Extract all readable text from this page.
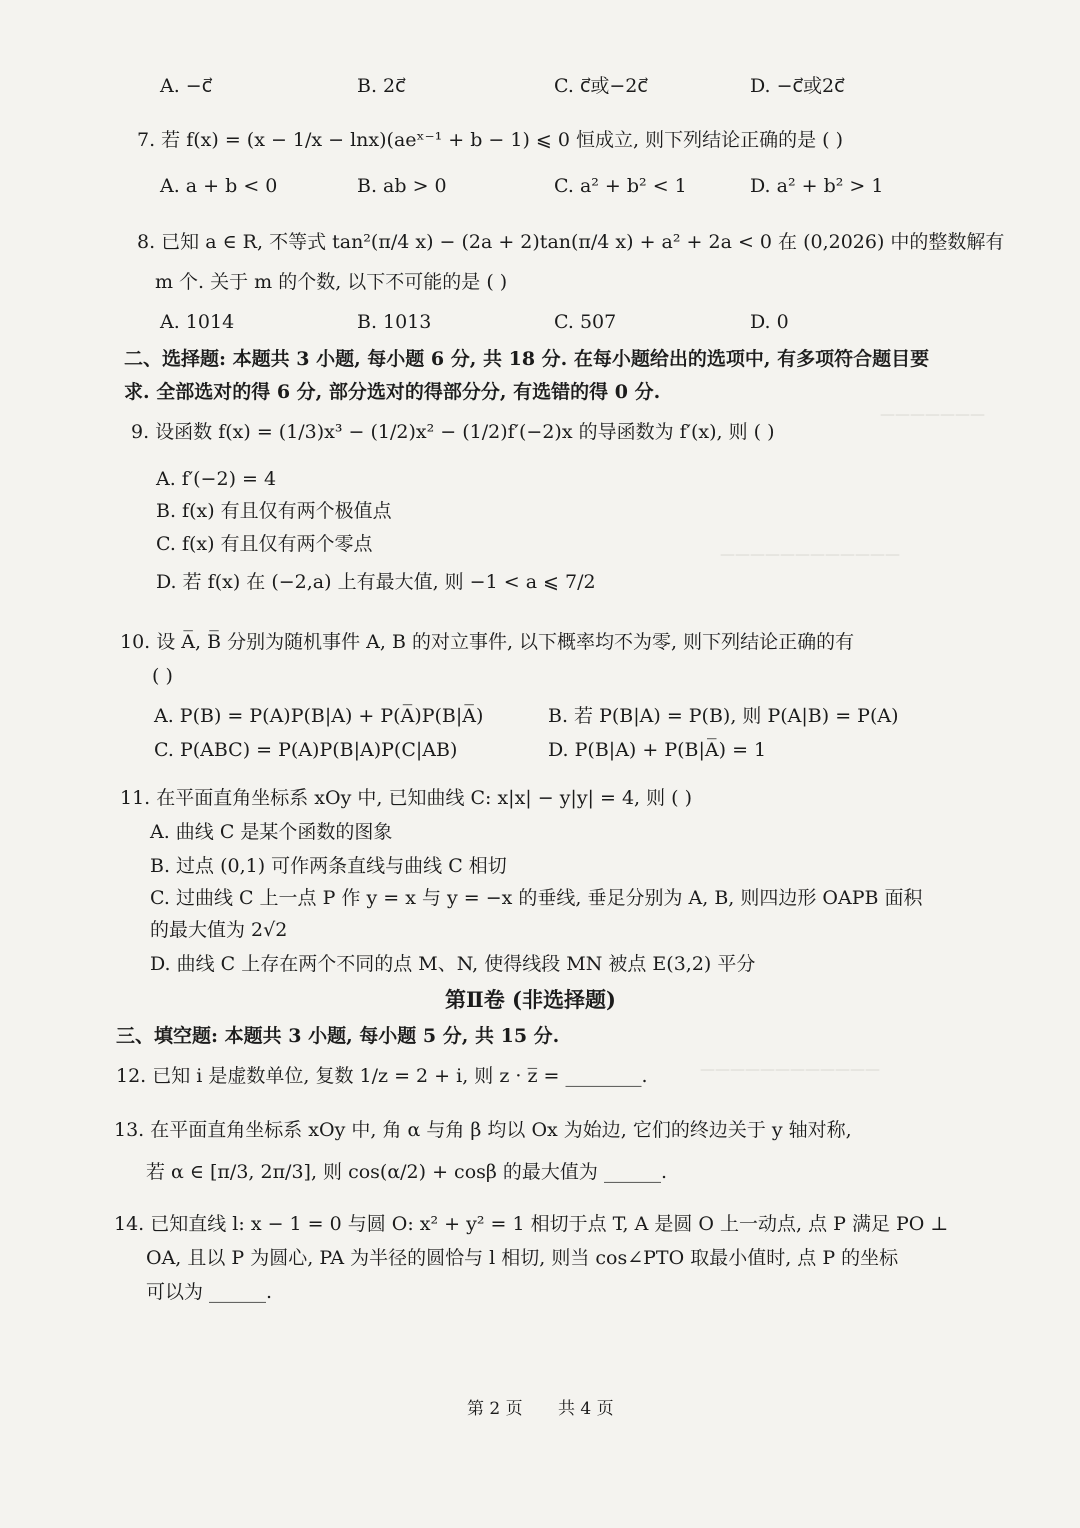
———————
————————————
————————————
A. −c⃗	B. 2c⃗	C. c⃗或−2c⃗	D. −c⃗或2c⃗
7. 若 f(x) = (x − 1/x − lnx)(aeˣ⁻¹ + b − 1) ⩽ 0 恒成立, 则下列结论正确的是 ( )
A. a + b < 0	B. ab > 0	C. a² + b² < 1	D. a² + b² > 1
8. 已知 a ∈ R, 不等式 tan²(π/4 x) − (2a + 2)tan(π/4 x) + a² + 2a < 0 在 (0,2026) 中的整数解有
m 个. 关于 m 的个数, 以下不可能的是 ( )
A. 1014	B. 1013	C. 507	D. 0
二、选择题: 本题共 3 小题, 每小题 6 分, 共 18 分. 在每小题给出的选项中, 有多项符合题目要
求. 全部选对的得 6 分, 部分选对的得部分分, 有选错的得 0 分.
9. 设函数 f(x) = (1/3)x³ − (1/2)x² − (1/2)f′(−2)x 的导函数为 f′(x), 则 ( )
A. f′(−2) = 4
B. f(x) 有且仅有两个极值点
C. f(x) 有且仅有两个零点
D. 若 f(x) 在 (−2,a) 上有最大值, 则 −1 < a ⩽ 7/2
10. 设 A̅, B̅ 分别为随机事件 A, B 的对立事件, 以下概率均不为零, 则下列结论正确的有
( )
A. P(B) = P(A)P(B|A) + P(A̅)P(B|A̅)	B. 若 P(B|A) = P(B), 则 P(A|B) = P(A)
C. P(ABC) = P(A)P(B|A)P(C|AB)	D. P(B|A) + P(B|A̅) = 1
11. 在平面直角坐标系 xOy 中, 已知曲线 C: x|x| − y|y| = 4, 则 ( )
A. 曲线 C 是某个函数的图象
B. 过点 (0,1) 可作两条直线与曲线 C 相切
C. 过曲线 C 上一点 P 作 y = x 与 y = −x 的垂线, 垂足分别为 A, B, 则四边形 OAPB 面积
的最大值为 2√2
D. 曲线 C 上存在两个不同的点 M、N, 使得线段 MN 被点 E(3,2) 平分
第Ⅱ卷 (非选择题)
三、填空题: 本题共 3 小题, 每小题 5 分, 共 15 分.
12. 已知 i 是虚数单位, 复数 1/z = 2 + i, 则 z · z̅ = ________.
13. 在平面直角坐标系 xOy 中, 角 α 与角 β 均以 Ox 为始边, 它们的终边关于 y 轴对称,
若 α ∈ [π/3, 2π/3], 则 cos(α/2) + cosβ 的最大值为 ______.
14. 已知直线 l: x − 1 = 0 与圆 O: x² + y² = 1 相切于点 T, A 是圆 O 上一动点, 点 P 满足 PO ⊥
OA, 且以 P 为圆心, PA 为半径的圆恰与 l 相切, 则当 cos∠PTO 取最小值时, 点 P 的坐标
可以为 ______.
第 2 页 共 4 页
